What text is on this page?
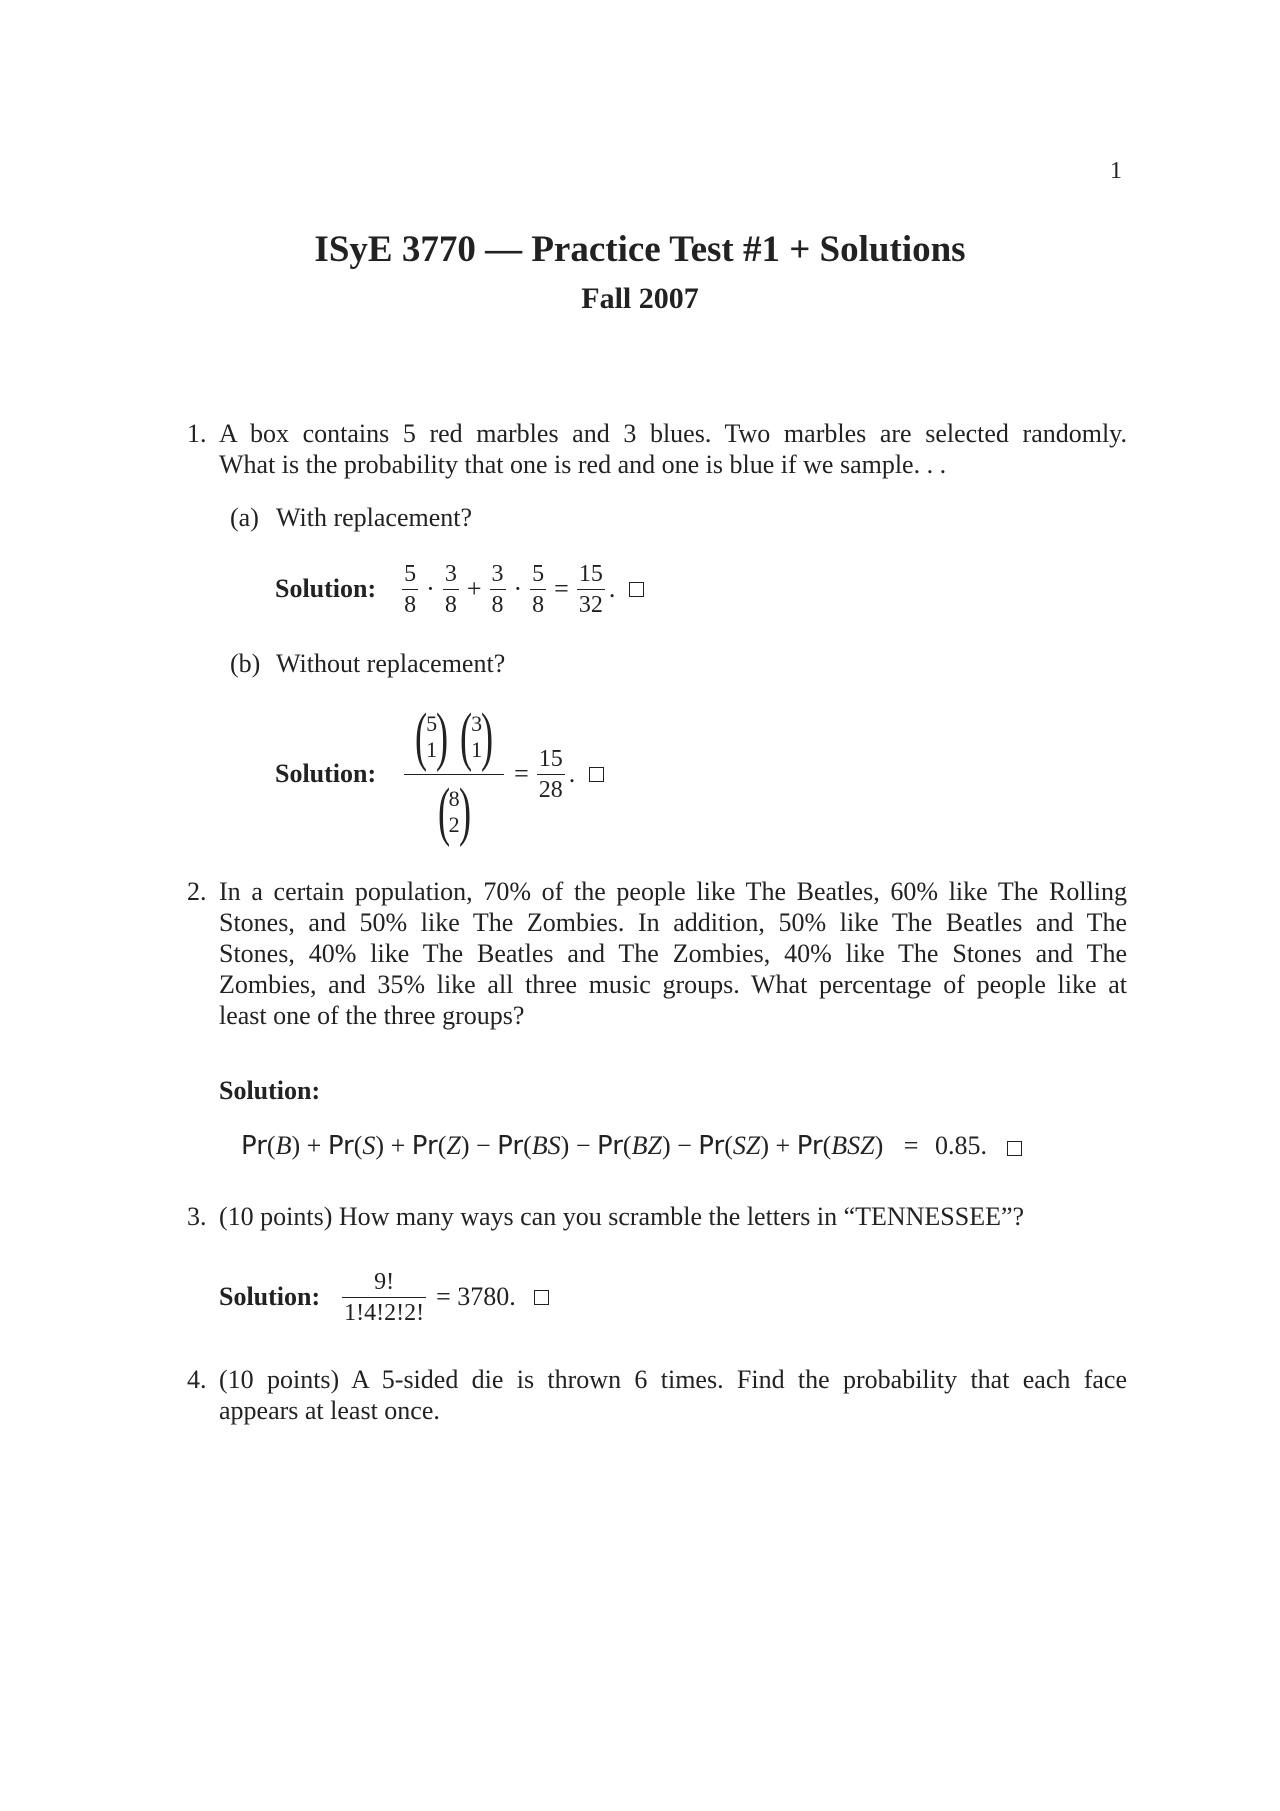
1
ISyE 3770 — Practice Test #1 + Solutions
Fall 2007
1. A box contains 5 red marbles and 3 blues. Two marbles are selected randomly.
What is the probability that one is red and one is blue if we sample. . .
(a) With replacement?
Solution: $\frac{5}{8} \cdot \frac{3}{8} + \frac{3}{8} \cdot \frac{5}{8} = \frac{15}{32}$ .
(b) Without replacement?
Solution: (
5
1
) (
3
1
)
(
8
2
) = $\frac{15}{28}$ .
2. In a certain population, 70% of the people like The Beatles, 60% like The Rolling
Stones, and 50% like The Zombies. In addition, 50% like The Beatles and The
Stones, 40% like The Beatles and The Zombies, 40% like The Stones and The
Zombies, and 35% like all three music groups. What percentage of people like at
least one of the three groups?
Solution:
Pr(B) + Pr(S) + Pr(Z) − Pr(BS) − Pr(BZ) − Pr(SZ) + Pr(BSZ) = 0.85.
3. (10 points) How many ways can you scramble the letters in “TENNESSEE”?
Solution: $\frac{9!}{1!4!2!2!} = 3780$.
4. (10 points) A 5-sided die is thrown 6 times. Find the probability that each face
appears at least once.
